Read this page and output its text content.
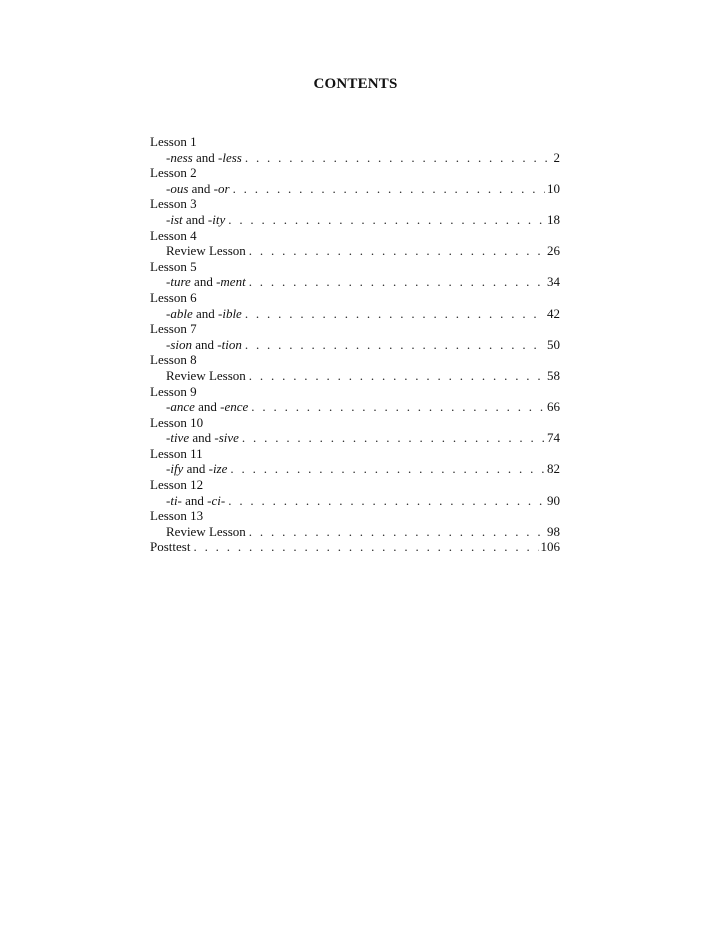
CONTENTS
Lesson 1
-ness and -less . . .	2
Lesson 2
-ous and -or . . .	10
Lesson 3
-ist and -ity . . .	18
Lesson 4
Review Lesson . . .	26
Lesson 5
-ture and -ment . . .	34
Lesson 6
-able and -ible . . .	42
Lesson 7
-sion and -tion . . .	50
Lesson 8
Review Lesson . . .	58
Lesson 9
-ance and -ence . . .	66
Lesson 10
-tive and -sive . . .	74
Lesson 11
-ify and -ize . . .	82
Lesson 12
-ti- and -ci- . . .	90
Lesson 13
Review Lesson . . .	98
Posttest . . .	106
